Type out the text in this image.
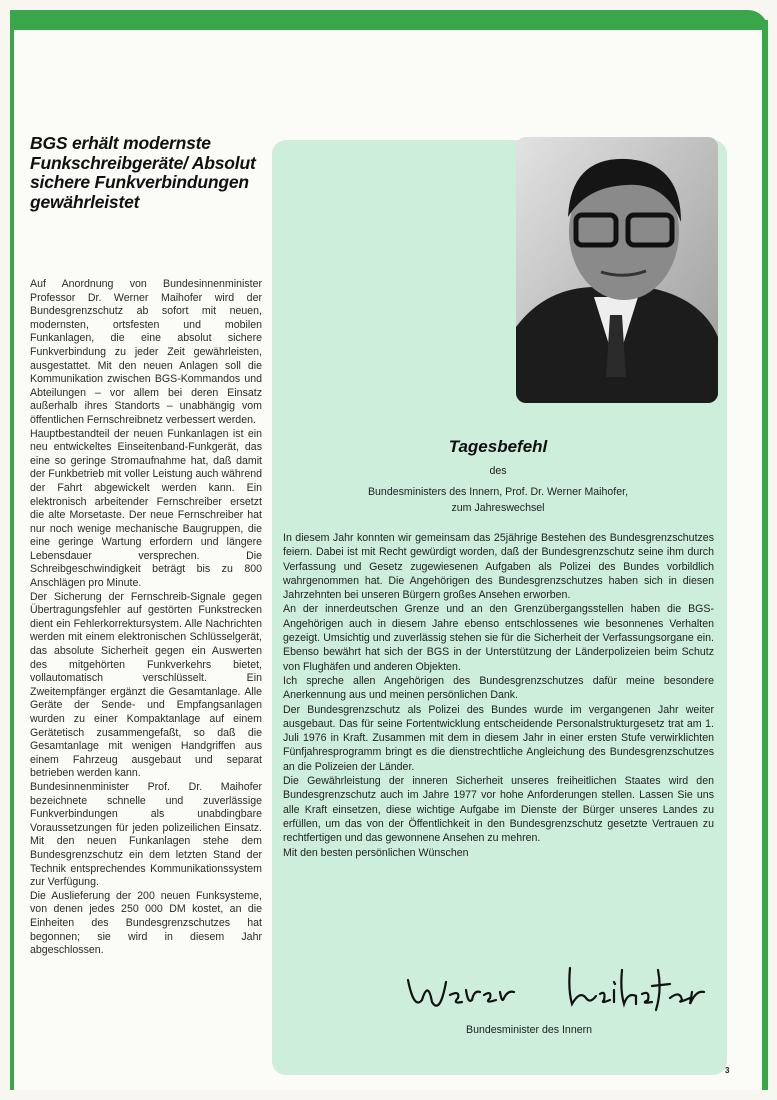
BGS erhält modernste Funkschreibgeräte/ Absolut sichere Funkverbindungen gewährleistet

Auf Anordnung von Bundesinnenminister Professor Dr. Werner Maihofer wird der Bundesgrenzschutz ab sofort mit neuen, modernsten, ortsfesten und mobilen Funkanlagen, die eine absolut sichere Funkverbindung zu jeder Zeit gewährleisten, ausgestattet. Mit den neuen Anlagen soll die Kommunikation zwischen BGS-Kommandos und Abteilungen – vor allem bei deren Einsatz außerhalb ihres Standorts – unabhängig vom öffentlichen Fernschreibnetz verbessert werden.

Hauptbestandteil der neuen Funkanlagen ist ein neu entwickeltes Einseitenband-Funkgerät, das eine so geringe Stromaufnahme hat, daß damit der Funkbetrieb mit voller Leistung auch während der Fahrt abgewickelt werden kann. Ein elektronisch arbeitender Fernschreiber ersetzt die alte Morsetaste. Der neue Fernschreiber hat nur noch wenige mechanische Baugruppen, die eine geringe Wartung erfordern und längere Lebensdauer versprechen. Die Schreibgeschwindigkeit beträgt bis zu 800 Anschlägen pro Minute.

Der Sicherung der Fernschreib-Signale gegen Übertragungsfehler auf gestörten Funkstrecken dient ein Fehlerkorrektursystem. Alle Nachrichten werden mit einem elektronischen Schlüsselgerät, das absolute Sicherheit gegen ein Auswerten des mitgehörten Funkverkehrs bietet, vollautomatisch verschlüsselt. Ein Zweitempfänger ergänzt die Gesamtanlage. Alle Geräte der Sende- und Empfangsanlagen wurden zu einer Kompaktanlage auf einem Gerätetisch zusammengefaßt, so daß die Gesamtanlage mit wenigen Handgriffen aus einem Fahrzeug ausgebaut und separat betrieben werden kann.

Bundesinnenminister Prof. Dr. Maihofer bezeichnete schnelle und zuverlässige Funkverbindungen als unabdingbare Voraussetzungen für jeden polizeilichen Einsatz. Mit den neuen Funkanlagen stehe dem Bundesgrenzschutz ein dem letzten Stand der Technik entsprechendes Kommunikationssystem zur Verfügung.

Die Auslieferung der 200 neuen Funksysteme, von denen jedes 250 000 DM kostet, an die Einheiten des Bundesgrenzschutzes hat begonnen; sie wird in diesem Jahr abgeschlossen.

Tagesbefehl
des
Bundesministers des Innern, Prof. Dr. Werner Maihofer,
zum Jahreswechsel

In diesem Jahr konnten wir gemeinsam das 25jährige Bestehen des Bundesgrenzschutzes feiern. Dabei ist mit Recht gewürdigt worden, daß der Bundesgrenzschutz seine ihm durch Verfassung und Gesetz zugewiesenen Aufgaben als Polizei des Bundes vorbildlich wahrgenommen hat. Die Angehörigen des Bundesgrenzschutzes haben sich in diesen Jahrzehnten bei unseren Bürgern großes Ansehen erworben.

An der innerdeutschen Grenze und an den Grenzübergangsstellen haben die BGS-Angehörigen auch in diesem Jahre ebenso entschlossenes wie besonnenes Verhalten gezeigt. Umsichtig und zuverlässig stehen sie für die Sicherheit der Verfassungsorgane ein. Ebenso bewährt hat sich der BGS in der Unterstützung der Länderpolizeien beim Schutz von Flughäfen und anderen Objekten.

Ich spreche allen Angehörigen des Bundesgrenzschutzes dafür meine besondere Anerkennung aus und meinen persönlichen Dank.

Der Bundesgrenzschutz als Polizei des Bundes wurde im vergangenen Jahr weiter ausgebaut. Das für seine Fortentwicklung entscheidende Personalstrukturgesetz trat am 1. Juli 1976 in Kraft. Zusammen mit dem in diesem Jahr in einer ersten Stufe verwirklichten Fünfjahresprogramm bringt es die dienstrechtliche Angleichung des Bundesgrenzschutzes an die Polizeien der Länder.

Die Gewährleistung der inneren Sicherheit unseres freiheitlichen Staates wird den Bundesgrenzschutz auch im Jahre 1977 vor hohe Anforderungen stellen. Lassen Sie uns alle Kraft einsetzen, diese wichtige Aufgabe im Dienste der Bürger unseres Landes zu erfüllen, um das von der Öffentlichkeit in den Bundesgrenzschutz gesetzte Vertrauen zu rechtfertigen und das gewonnene Ansehen zu mehren.

Mit den besten persönlichen Wünschen

Bundesminister des Innern
3
